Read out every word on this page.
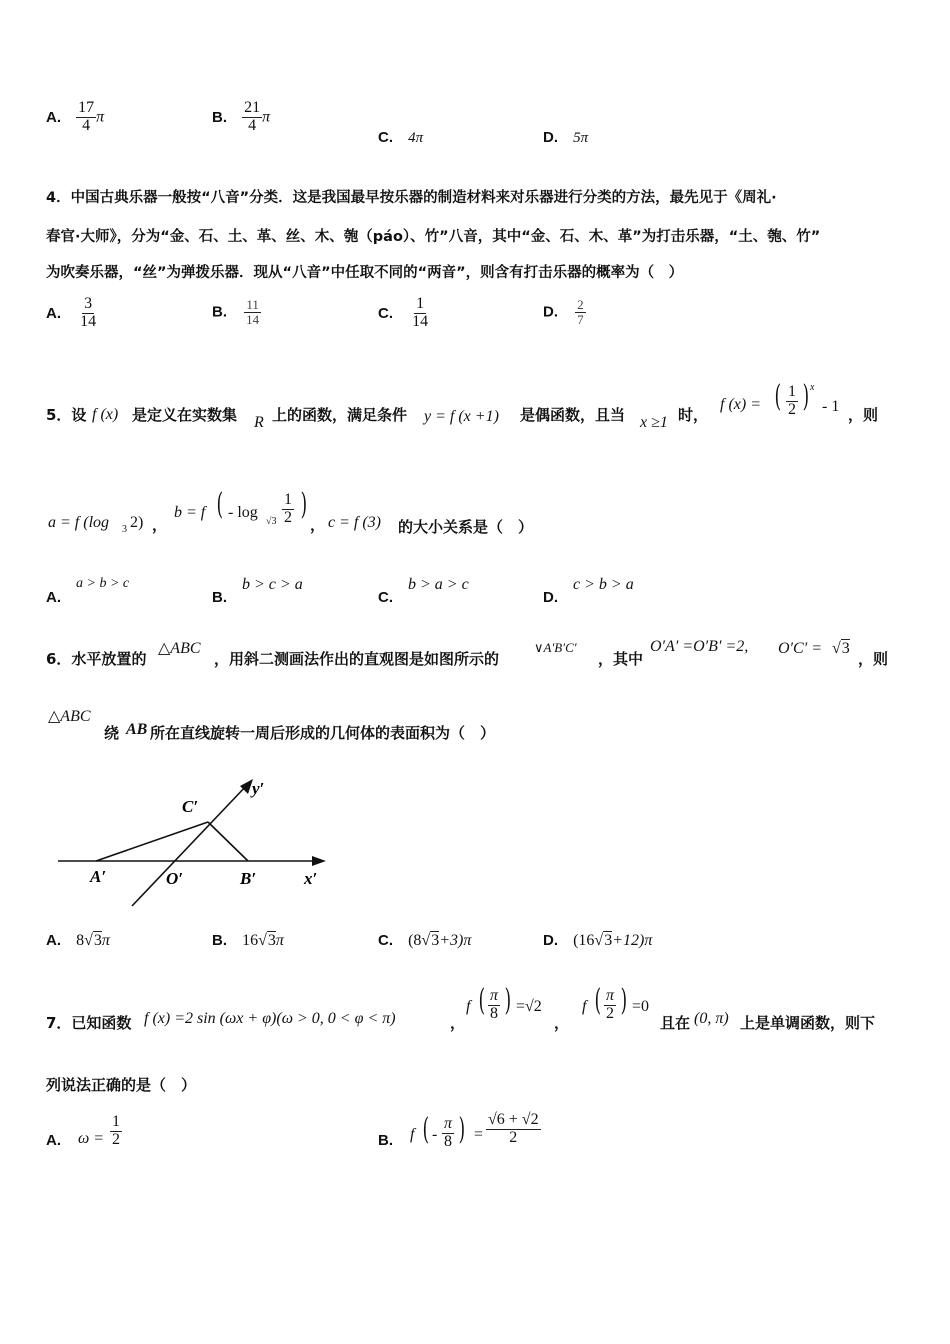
A. $\frac{17}{4}$ π	B. $\frac{21}{4}$ π
C. 4π	D. 5π
4．中国古典乐器一般按“八音”分类．这是我国最早按乐器的制造材料来对乐器进行分类的方法，最先见于《周礼·
春官·大师》，分为“金、石、土、革、丝、木、匏（páo）、竹”八音，其中“金、石、木、革”为打击乐器，“土、匏、竹”
为吹奏乐器，“丝”为弹拨乐器．现从“八音”中任取不同的“两音”，则含有打击乐器的概率为（　）
A. $\frac{3}{14}$	B. $\frac{11}{14}$	C. $\frac{1}{14}$	D. $\frac{2}{7}$
5．设 f (x) 是定义在实数集 R 上的函数，满足条件 y = f (x +1) 是偶函数，且当 x ≥1 时，
f (x) = ( $\frac{1}{2}$ ) x
- 1 ，则
a = f (log 3 2) ，
b = f ( - log
$√3 \frac{1}{2}$ )
， c = f (3) 的大小关系是（　）
A.
a > b > c
B.
b > c > a
C.
b > a > c
D.
c > b > a
6．水平放置的
△ABC
，用斜二测画法作出的直观图是如图所示的
∨A′B′C′
，其中
O′A′ =O′B′ =2, O′C′ = √3
，则
△ABC
绕 AB 所在直线旋转一周后形成的几何体的表面积为（　）
C′
y′
A′	O′	B′	x′
A. 8√3π	B. 16√3π	C. (8√3+3)π	D. (16√3+12)π
7．已知函数 f (x) =2 sin (ωx + φ)(ω > 0, 0 < φ < π)	，
f ( $\frac{\pi}{8}$ ) =√2
，
f ( $\frac{\pi}{2}$ ) =0
且在 (0, π) 上是单调函数，则下
列说法正确的是（　）
A. $\omega = \frac{1}{2}$	B. f ( - $\frac{\pi}{8}$ ) = $\frac{√6 + √2}{2}$
